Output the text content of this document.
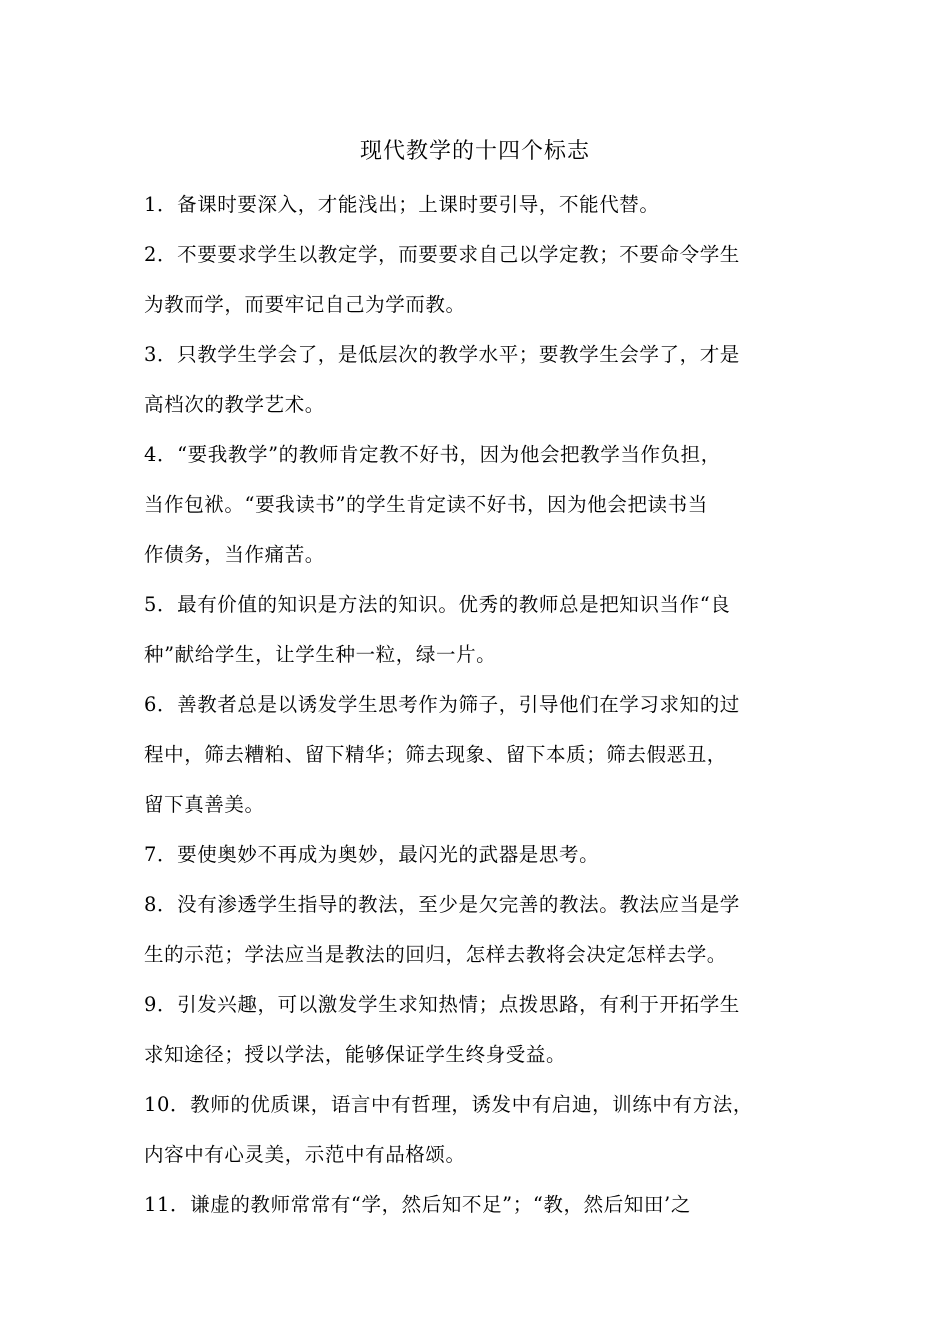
现代教学的十四个标志

1．备课时要深入，才能浅出；上课时要引导，不能代替。

2．不要要求学生以教定学，而要要求自己以学定教；不要命令学生
为教而学，而要牢记自己为学而教。

3．只教学生学会了，是低层次的教学水平；要教学生会学了，才是
高档次的教学艺术。

4．“要我教学”的教师肯定教不好书，因为他会把教学当作负担，
当作包袱。“要我读书”的学生肯定读不好书，因为他会把读书当
作债务，当作痛苦。

5．最有价值的知识是方法的知识。优秀的教师总是把知识当作“良
种”献给学生，让学生种一粒，绿一片。

6．善教者总是以诱发学生思考作为筛子，引导他们在学习求知的过
程中，筛去糟粕、留下精华；筛去现象、留下本质；筛去假恶丑，
留下真善美。

7．要使奥妙不再成为奥妙，最闪光的武器是思考。

8．没有渗透学生指导的教法，至少是欠完善的教法。教法应当是学
生的示范；学法应当是教法的回归，怎样去教将会决定怎样去学。

9．引发兴趣，可以激发学生求知热情；点拨思路，有利于开拓学生
求知途径；授以学法，能够保证学生终身受益。

10．教师的优质课，语言中有哲理，诱发中有启迪，训练中有方法，
内容中有心灵美，示范中有品格颂。

11．谦虚的教师常常有“学，然后知不足”；“教，然后知田’之
